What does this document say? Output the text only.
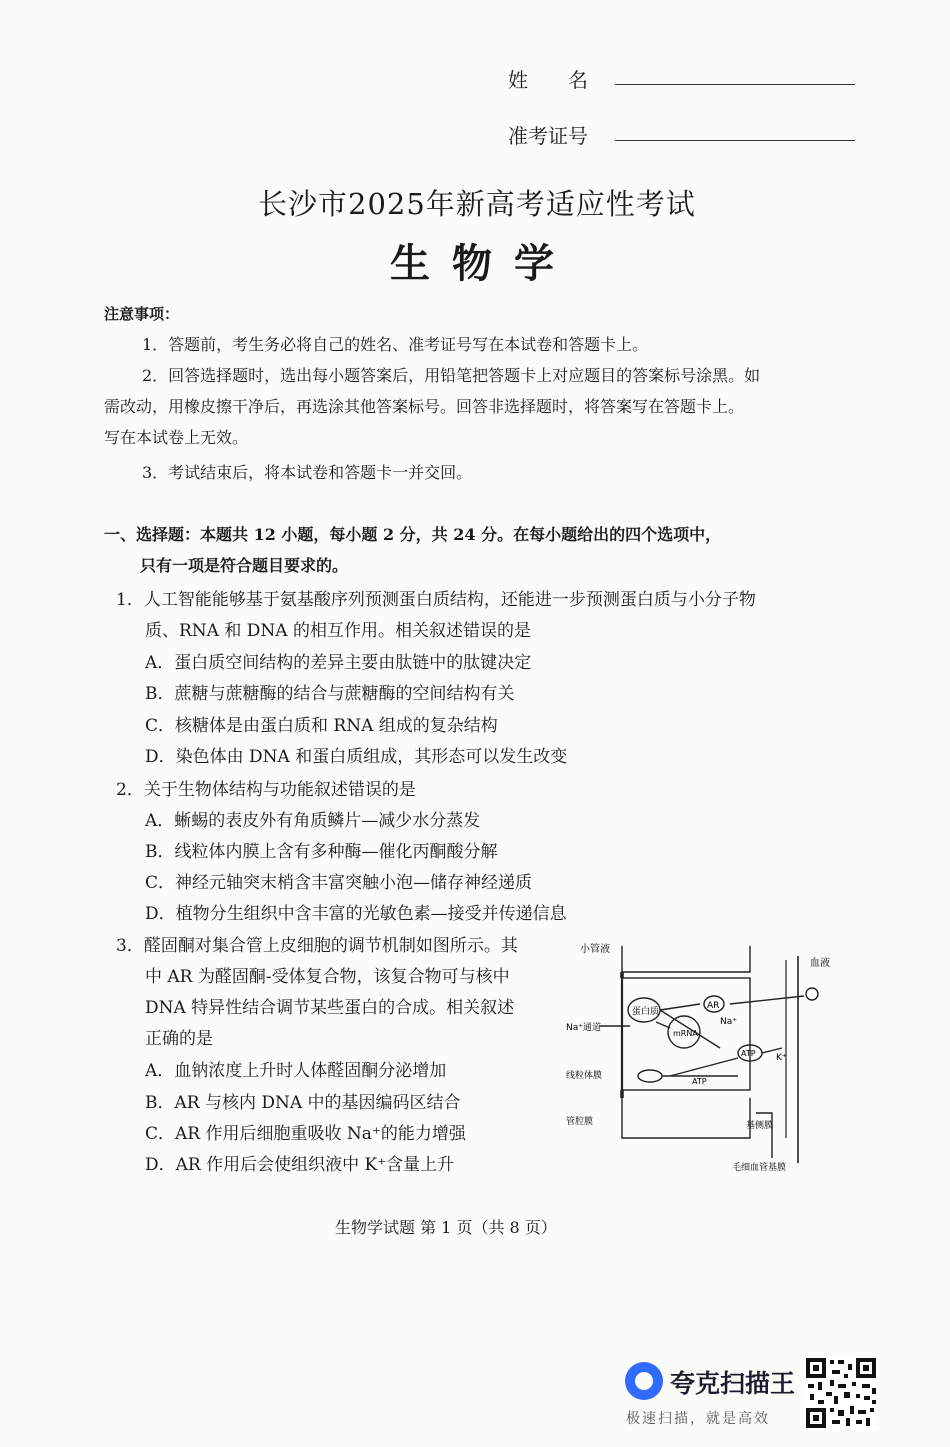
姓　　名
准考证号
长沙市2025年新高考适应性考试
生物学
注意事项：
1．答题前，考生务必将自己的姓名、准考证号写在本试卷和答题卡上。
2．回答选择题时，选出每小题答案后，用铅笔把答题卡上对应题目的答案标号涂黑。如
需改动，用橡皮擦干净后，再选涂其他答案标号。回答非选择题时，将答案写在答题卡上。
写在本试卷上无效。
3．考试结束后，将本试卷和答题卡一并交回。
一、选择题：本题共 12 小题，每小题 2 分，共 24 分。在每小题给出的四个选项中，
只有一项是符合题目要求的。
1．人工智能能够基于氨基酸序列预测蛋白质结构，还能进一步预测蛋白质与小分子物
质、RNA 和 DNA 的相互作用。相关叙述错误的是
A．蛋白质空间结构的差异主要由肽链中的肽键决定
B．蔗糖与蔗糖酶的结合与蔗糖酶的空间结构有关
C．核糖体是由蛋白质和 RNA 组成的复杂结构
D．染色体由 DNA 和蛋白质组成，其形态可以发生改变
2．关于生物体结构与功能叙述错误的是
A．蜥蜴的表皮外有角质鳞片—减少水分蒸发
B．线粒体内膜上含有多种酶—催化丙酮酸分解
C．神经元轴突末梢含丰富突触小泡—储存神经递质
D．植物分生组织中含丰富的光敏色素—接受并传递信息
3．醛固酮对集合管上皮细胞的调节机制如图所示。其
中 AR 为醛固酮-受体复合物，该复合物可与核中
DNA 特异性结合调节某些蛋白的合成。相关叙述
正确的是
A．血钠浓度上升时人体醛固酮分泌增加
B．AR 与核内 DNA 中的基因编码区结合
C．AR 作用后细胞重吸收 Na⁺的能力增强
D．AR 作用后会使组织液中 K⁺含量上升
小管液
血液
蛋白质
AR
mRNA
Na⁺通道
Na⁺
K⁺
ATP
ATP
线粒体膜
管腔膜	基侧膜
毛细血管基膜
生物学试题 第 1 页（共 8 页）
夸克扫描王
极速扫描，就是高效
